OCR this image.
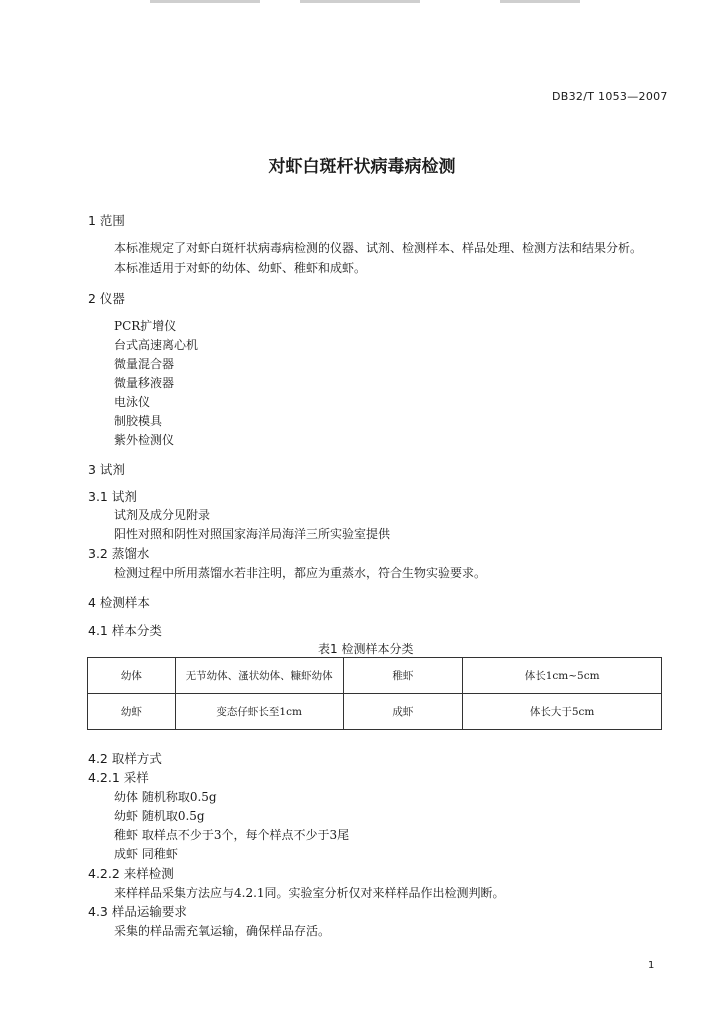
DB32/T 1053—2007
对虾白斑杆状病毒病检测
1 范围
本标准规定了对虾白斑杆状病毒病检测的仪器、试剂、检测样本、样品处理、检测方法和结果分析。
本标准适用于对虾的幼体、幼虾、稚虾和成虾。
2 仪器
PCR扩增仪
台式高速离心机
微量混合器
微量移液器
电泳仪
制胶模具
紫外检测仪
3 试剂
3.1 试剂
试剂及成分见附录
阳性对照和阴性对照国家海洋局海洋三所实验室提供
3.2 蒸馏水
检测过程中所用蒸馏水若非注明，都应为重蒸水，符合生物实验要求。
4 检测样本
4.1 样本分类
表1 检测样本分类
幼体	无节幼体、溞状幼体、糠虾幼体	稚虾	体长1cm~5cm
幼虾	变态仔虾长至1cm	成虾	体长大于5cm
4.2 取样方式
4.2.1 采样
幼体 随机称取0.5g
幼虾 随机取0.5g
稚虾 取样点不少于3个，每个样点不少于3尾
成虾 同稚虾
4.2.2 来样检测
来样样品采集方法应与4.2.1同。实验室分析仅对来样样品作出检测判断。
4.3 样品运输要求
采集的样品需充氧运输，确保样品存活。
1
